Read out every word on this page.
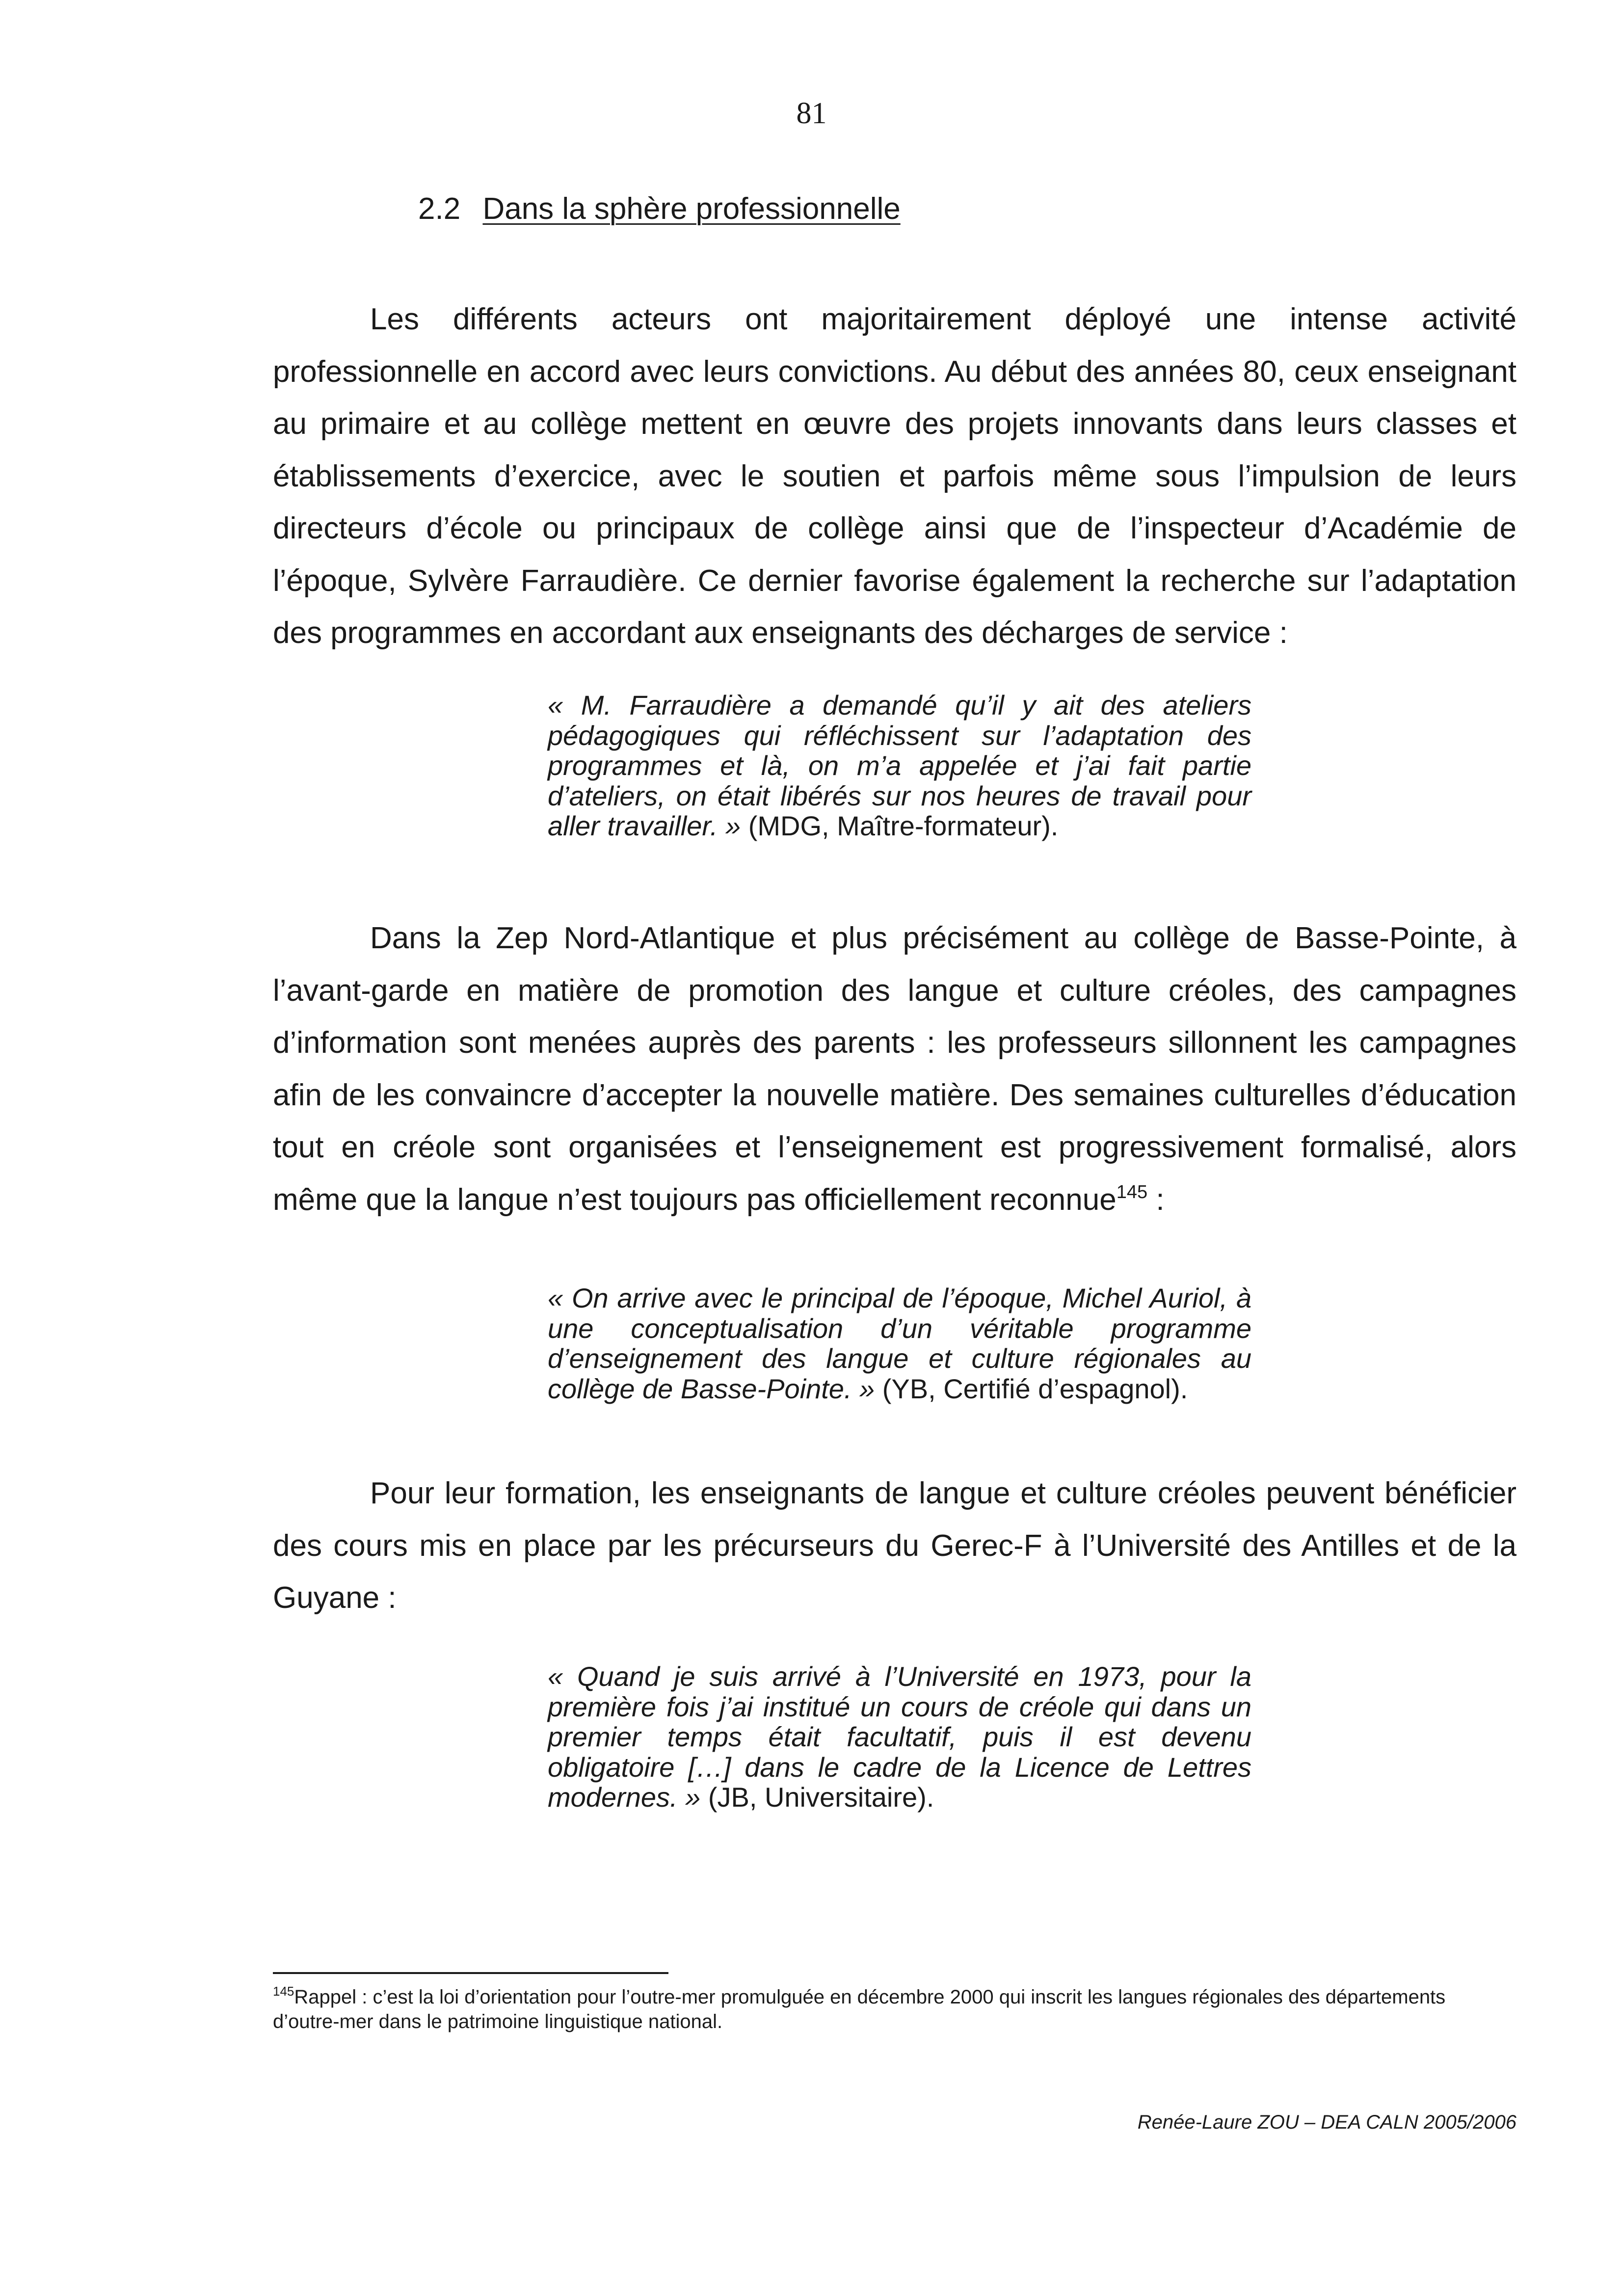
81
2.2 Dans la sphère professionnelle

Les différents acteurs ont majoritairement déployé une intense activité professionnelle en accord avec leurs convictions. Au début des années 80, ceux enseignant au primaire et au collège mettent en œuvre des projets innovants dans leurs classes et établissements d’exercice, avec le soutien et parfois même sous l’impulsion de leurs directeurs d’école ou principaux de collège ainsi que de l’inspecteur d’Académie de l’époque, Sylvère Farraudière. Ce dernier favorise également la recherche sur l’adaptation des programmes en accordant aux enseignants des décharges de service :

« M. Farraudière a demandé qu’il y ait des ateliers pédagogiques qui réfléchissent sur l’adaptation des programmes et là, on m’a appelée et j’ai fait partie d’ateliers, on était libérés sur nos heures de travail pour aller travailler. » (MDG, Maître-formateur).

Dans la Zep Nord-Atlantique et plus précisément au collège de Basse-Pointe, à l’avant-garde en matière de promotion des langue et culture créoles, des campagnes d’information sont menées auprès des parents : les professeurs sillonnent les campagnes afin de les convaincre d’accepter la nouvelle matière. Des semaines culturelles d’éducation tout en créole sont organisées et l’enseignement est progressivement formalisé, alors même que la langue n’est toujours pas officiellement reconnue$^{145}$ :

« On arrive avec le principal de l’époque, Michel Auriol, à une conceptualisation d’un véritable programme d’enseignement des langue et culture régionales au collège de Basse-Pointe. » (YB, Certifié d’espagnol).

Pour leur formation, les enseignants de langue et culture créoles peuvent bénéficier des cours mis en place par les précurseurs du Gerec-F à l’Université des Antilles et de la Guyane :

« Quand je suis arrivé à l’Université en 1973, pour la première fois j’ai institué un cours de créole qui dans un premier temps était facultatif, puis il est devenu obligatoire […] dans le cadre de la Licence de Lettres modernes. » (JB, Universitaire).

$^{145}$Rappel : c’est la loi d’orientation pour l’outre-mer promulguée en décembre 2000 qui inscrit les langues régionales des départements d’outre-mer dans le patrimoine linguistique national.

Renée-Laure ZOU – DEA CALN 2005/2006
